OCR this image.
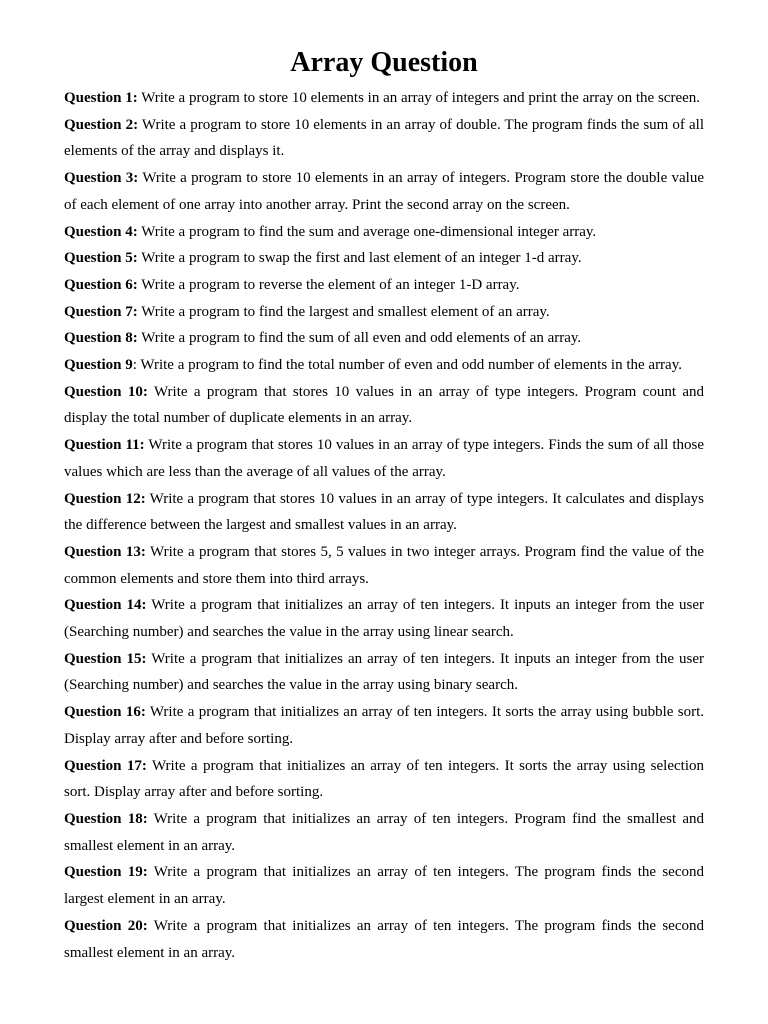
Array Question

Question 1: Write a program to store 10 elements in an array of integers and print the array on the screen.

Question 2: Write a program to store 10 elements in an array of double. The program finds the sum of all elements of the array and displays it.

Question 3: Write a program to store 10 elements in an array of integers. Program store the double value of each element of one array into another array. Print the second array on the screen.

Question 4: Write a program to find the sum and average one-dimensional integer array.

Question 5: Write a program to swap the first and last element of an integer 1-d array.

Question 6: Write a program to reverse the element of an integer 1-D array.

Question 7: Write a program to find the largest and smallest element of an array.

Question 8: Write a program to find the sum of all even and odd elements of an array.

Question 9: Write a program to find the total number of even and odd number of elements in the array.

Question 10: Write a program that stores 10 values in an array of type integers. Program count and display the total number of duplicate elements in an array.

Question 11: Write a program that stores 10 values in an array of type integers. Finds the sum of all those values which are less than the average of all values of the array.

Question 12: Write a program that stores 10 values in an array of type integers. It calculates and displays the difference between the largest and smallest values in an array.

Question 13: Write a program that stores 5, 5 values in two integer arrays. Program find the value of the common elements and store them into third arrays.

Question 14: Write a program that initializes an array of ten integers. It inputs an integer from the user (Searching number) and searches the value in the array using linear search.

Question 15: Write a program that initializes an array of ten integers. It inputs an integer from the user (Searching number) and searches the value in the array using binary search.

Question 16: Write a program that initializes an array of ten integers. It sorts the array using bubble sort. Display array after and before sorting.

Question 17: Write a program that initializes an array of ten integers. It sorts the array using selection sort. Display array after and before sorting.

Question 18: Write a program that initializes an array of ten integers. Program find the smallest and smallest element in an array.

Question 19: Write a program that initializes an array of ten integers. The program finds the second largest element in an array.

Question 20: Write a program that initializes an array of ten integers. The program finds the second smallest element in an array.
